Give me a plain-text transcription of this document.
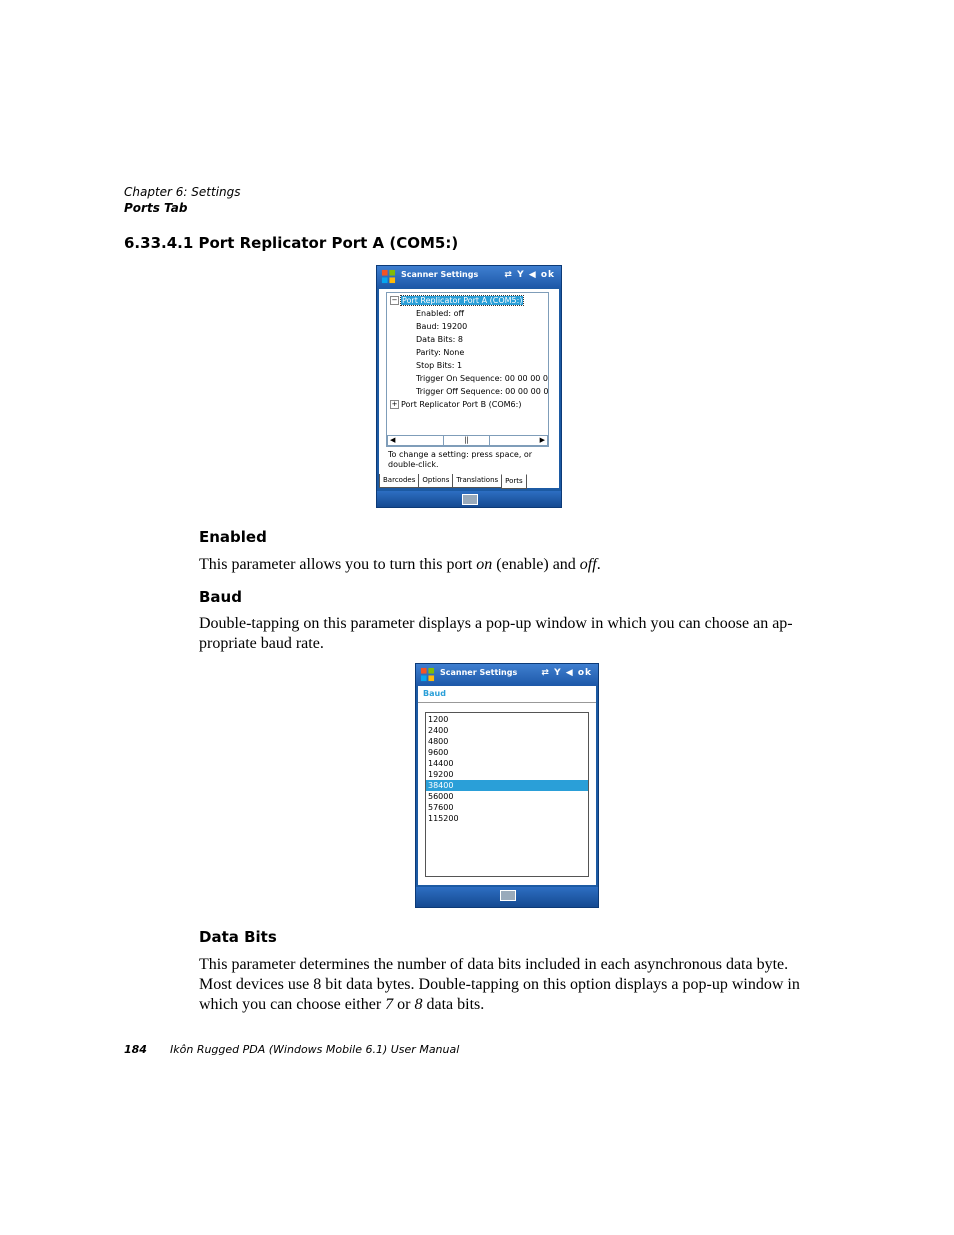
Chapter 6: Settings
Ports Tab
6.33.4.1 Port Replicator Port A (COM5:)
Scanner Settings	⇄ Y ◀ ok
− Port Replicator Port A (COM5:)
Enabled: off
Baud: 19200
Data Bits: 8
Parity: None
Stop Bits: 1
Trigger On Sequence: 00 00 00 0
Trigger Off Sequence: 00 00 00 0
+ Port Replicator Port B (COM6:)
◀	||	▶
To change a setting: press space, or double-click.
Barcodes	Options	Translations	Ports
Enabled
This parameter allows you to turn this port on (enable) and off.
Baud
Double-tapping on this parameter displays a pop-up window in which you can choose an ap-propriate baud rate.
Scanner Settings	⇄ Y ◀ ok
Baud
1200
2400
4800
9600
14400
19200
38400
56000
57600
115200
Data Bits
This parameter determines the number of data bits included in each asynchronous data byte. Most devices use 8 bit data bytes. Double-tapping on this option displays a pop-up window in which you can choose either 7 or 8 data bits.
184 Ikôn Rugged PDA (Windows Mobile 6.1) User Manual
